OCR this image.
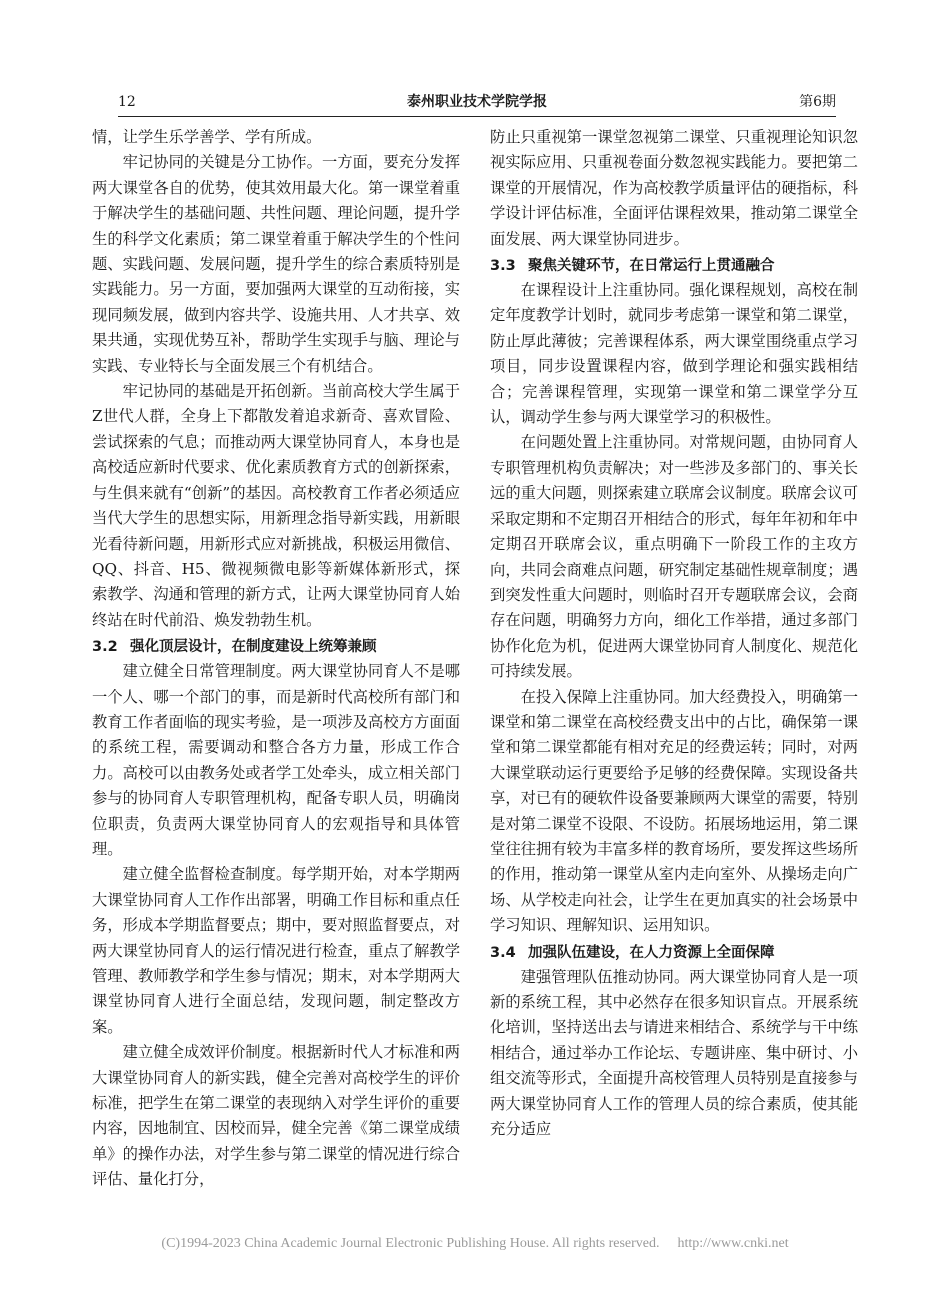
12	泰州职业技术学院学报	第6期

情，让学生乐学善学、学有所成。

牢记协同的关键是分工协作。一方面，要充分发挥两大课堂各自的优势，使其效用最大化。第一课堂着重于解决学生的基础问题、共性问题、理论问题，提升学生的科学文化素质；第二课堂着重于解决学生的个性问题、实践问题、发展问题，提升学生的综合素质特别是实践能力。另一方面，要加强两大课堂的互动衔接，实现同频发展，做到内容共学、设施共用、人才共享、效果共通，实现优势互补，帮助学生实现手与脑、理论与实践、专业特长与全面发展三个有机结合。

牢记协同的基础是开拓创新。当前高校大学生属于Z世代人群，全身上下都散发着追求新奇、喜欢冒险、尝试探索的气息；而推动两大课堂协同育人，本身也是高校适应新时代要求、优化素质教育方式的创新探索，与生俱来就有“创新”的基因。高校教育工作者必须适应当代大学生的思想实际，用新理念指导新实践，用新眼光看待新问题，用新形式应对新挑战，积极运用微信、QQ、抖音、H5、微视频微电影等新媒体新形式，探索教学、沟通和管理的新方式，让两大课堂协同育人始终站在时代前沿、焕发勃勃生机。

3.2 强化顶层设计，在制度建设上统筹兼顾

建立健全日常管理制度。两大课堂协同育人不是哪一个人、哪一个部门的事，而是新时代高校所有部门和教育工作者面临的现实考验，是一项涉及高校方方面面的系统工程，需要调动和整合各方力量，形成工作合力。高校可以由教务处或者学工处牵头，成立相关部门参与的协同育人专职管理机构，配备专职人员，明确岗位职责，负责两大课堂协同育人的宏观指导和具体管理。

建立健全监督检查制度。每学期开始，对本学期两大课堂协同育人工作作出部署，明确工作目标和重点任务，形成本学期监督要点；期中，要对照监督要点，对两大课堂协同育人的运行情况进行检查，重点了解教学管理、教师教学和学生参与情况；期末，对本学期两大课堂协同育人进行全面总结，发现问题，制定整改方案。

建立健全成效评价制度。根据新时代人才标准和两大课堂协同育人的新实践，健全完善对高校学生的评价标准，把学生在第二课堂的表现纳入对学生评价的重要内容，因地制宜、因校而异，健全完善《第二课堂成绩单》的操作办法，对学生参与第二课堂的情况进行综合评估、量化打分，

防止只重视第一课堂忽视第二课堂、只重视理论知识忽视实际应用、只重视卷面分数忽视实践能力。要把第二课堂的开展情况，作为高校教学质量评估的硬指标，科学设计评估标准，全面评估课程效果，推动第二课堂全面发展、两大课堂协同进步。

3.3 聚焦关键环节，在日常运行上贯通融合

在课程设计上注重协同。强化课程规划，高校在制定年度教学计划时，就同步考虑第一课堂和第二课堂，防止厚此薄彼；完善课程体系，两大课堂围绕重点学习项目，同步设置课程内容，做到学理论和强实践相结合；完善课程管理，实现第一课堂和第二课堂学分互认，调动学生参与两大课堂学习的积极性。

在问题处置上注重协同。对常规问题，由协同育人专职管理机构负责解决；对一些涉及多部门的、事关长远的重大问题，则探索建立联席会议制度。联席会议可采取定期和不定期召开相结合的形式，每年年初和年中定期召开联席会议，重点明确下一阶段工作的主攻方向，共同会商难点问题，研究制定基础性规章制度；遇到突发性重大问题时，则临时召开专题联席会议，会商存在问题，明确努力方向，细化工作举措，通过多部门协作化危为机，促进两大课堂协同育人制度化、规范化可持续发展。

在投入保障上注重协同。加大经费投入，明确第一课堂和第二课堂在高校经费支出中的占比，确保第一课堂和第二课堂都能有相对充足的经费运转；同时，对两大课堂联动运行更要给予足够的经费保障。实现设备共享，对已有的硬软件设备要兼顾两大课堂的需要，特别是对第二课堂不设限、不设防。拓展场地运用，第二课堂往往拥有较为丰富多样的教育场所，要发挥这些场所的作用，推动第一课堂从室内走向室外、从操场走向广场、从学校走向社会，让学生在更加真实的社会场景中学习知识、理解知识、运用知识。

3.4 加强队伍建设，在人力资源上全面保障

建强管理队伍推动协同。两大课堂协同育人是一项新的系统工程，其中必然存在很多知识盲点。开展系统化培训，坚持送出去与请进来相结合、系统学与干中练相结合，通过举办工作论坛、专题讲座、集中研讨、小组交流等形式，全面提升高校管理人员特别是直接参与两大课堂协同育人工作的管理人员的综合素质，使其能充分适应

(C)1994-2023 China Academic Journal Electronic Publishing House. All rights reserved. http://www.cnki.net
